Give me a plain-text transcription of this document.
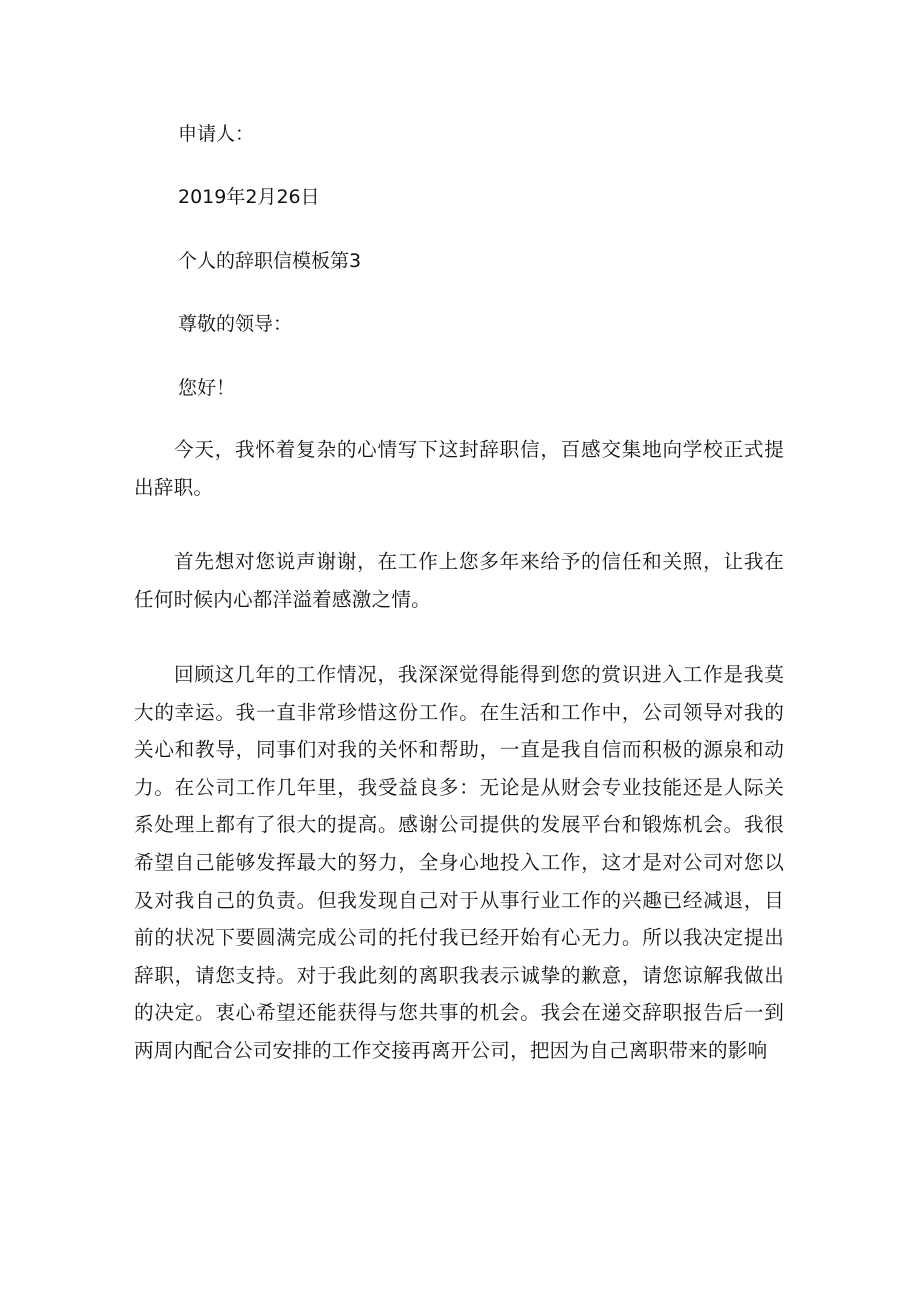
申请人：
2019年2月26日
个人的辞职信模板第3
尊敬的领导：
您好！

今天，我怀着复杂的心情写下这封辞职信，百感交集地向学校正式提出辞职。

首先想对您说声谢谢，在工作上您多年来给予的信任和关照，让我在任何时候内心都洋溢着感激之情。

回顾这几年的工作情况，我深深觉得能得到您的赏识进入工作是我莫大的幸运。我一直非常珍惜这份工作。在生活和工作中，公司领导对我的关心和教导，同事们对我的关怀和帮助，一直是我自信而积极的源泉和动力。在公司工作几年里，我受益良多：无论是从财会专业技能还是人际关系处理上都有了很大的提高。感谢公司提供的发展平台和锻炼机会。我很希望自己能够发挥最大的努力，全身心地投入工作，这才是对公司对您以及对我自己的负责。但我发现自己对于从事行业工作的兴趣已经减退，目前的状况下要圆满完成公司的托付我已经开始有心无力。所以我决定提出辞职，请您支持。对于我此刻的离职我表示诚挚的歉意，请您谅解我做出的决定。衷心希望还能获得与您共事的机会。我会在递交辞职报告后一到两周内配合公司安排的工作交接再离开公司，把因为自己离职带来的影响
